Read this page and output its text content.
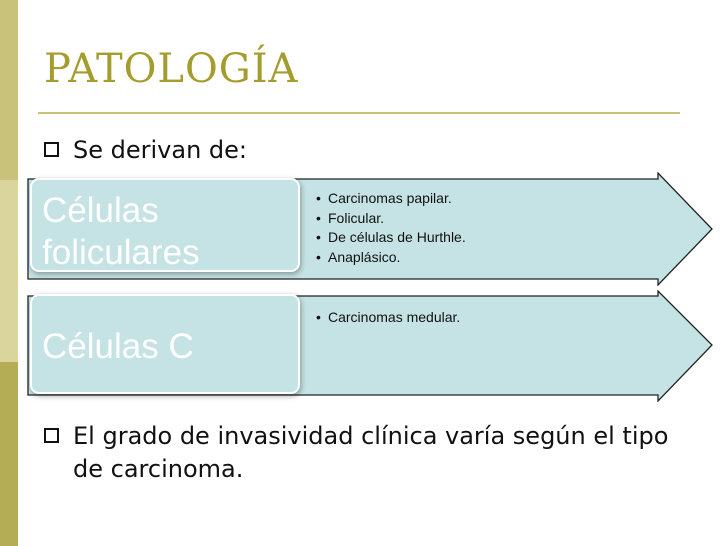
PATOLOGÍA
Se derivan de:
Células foliculares
• Carcinomas papilar.
• Folicular.
• De células de Hurthle.
• Anaplásico.
Células C
• Carcinomas medular.
El grado de invasividad clínica varía según el tipo de carcinoma.
